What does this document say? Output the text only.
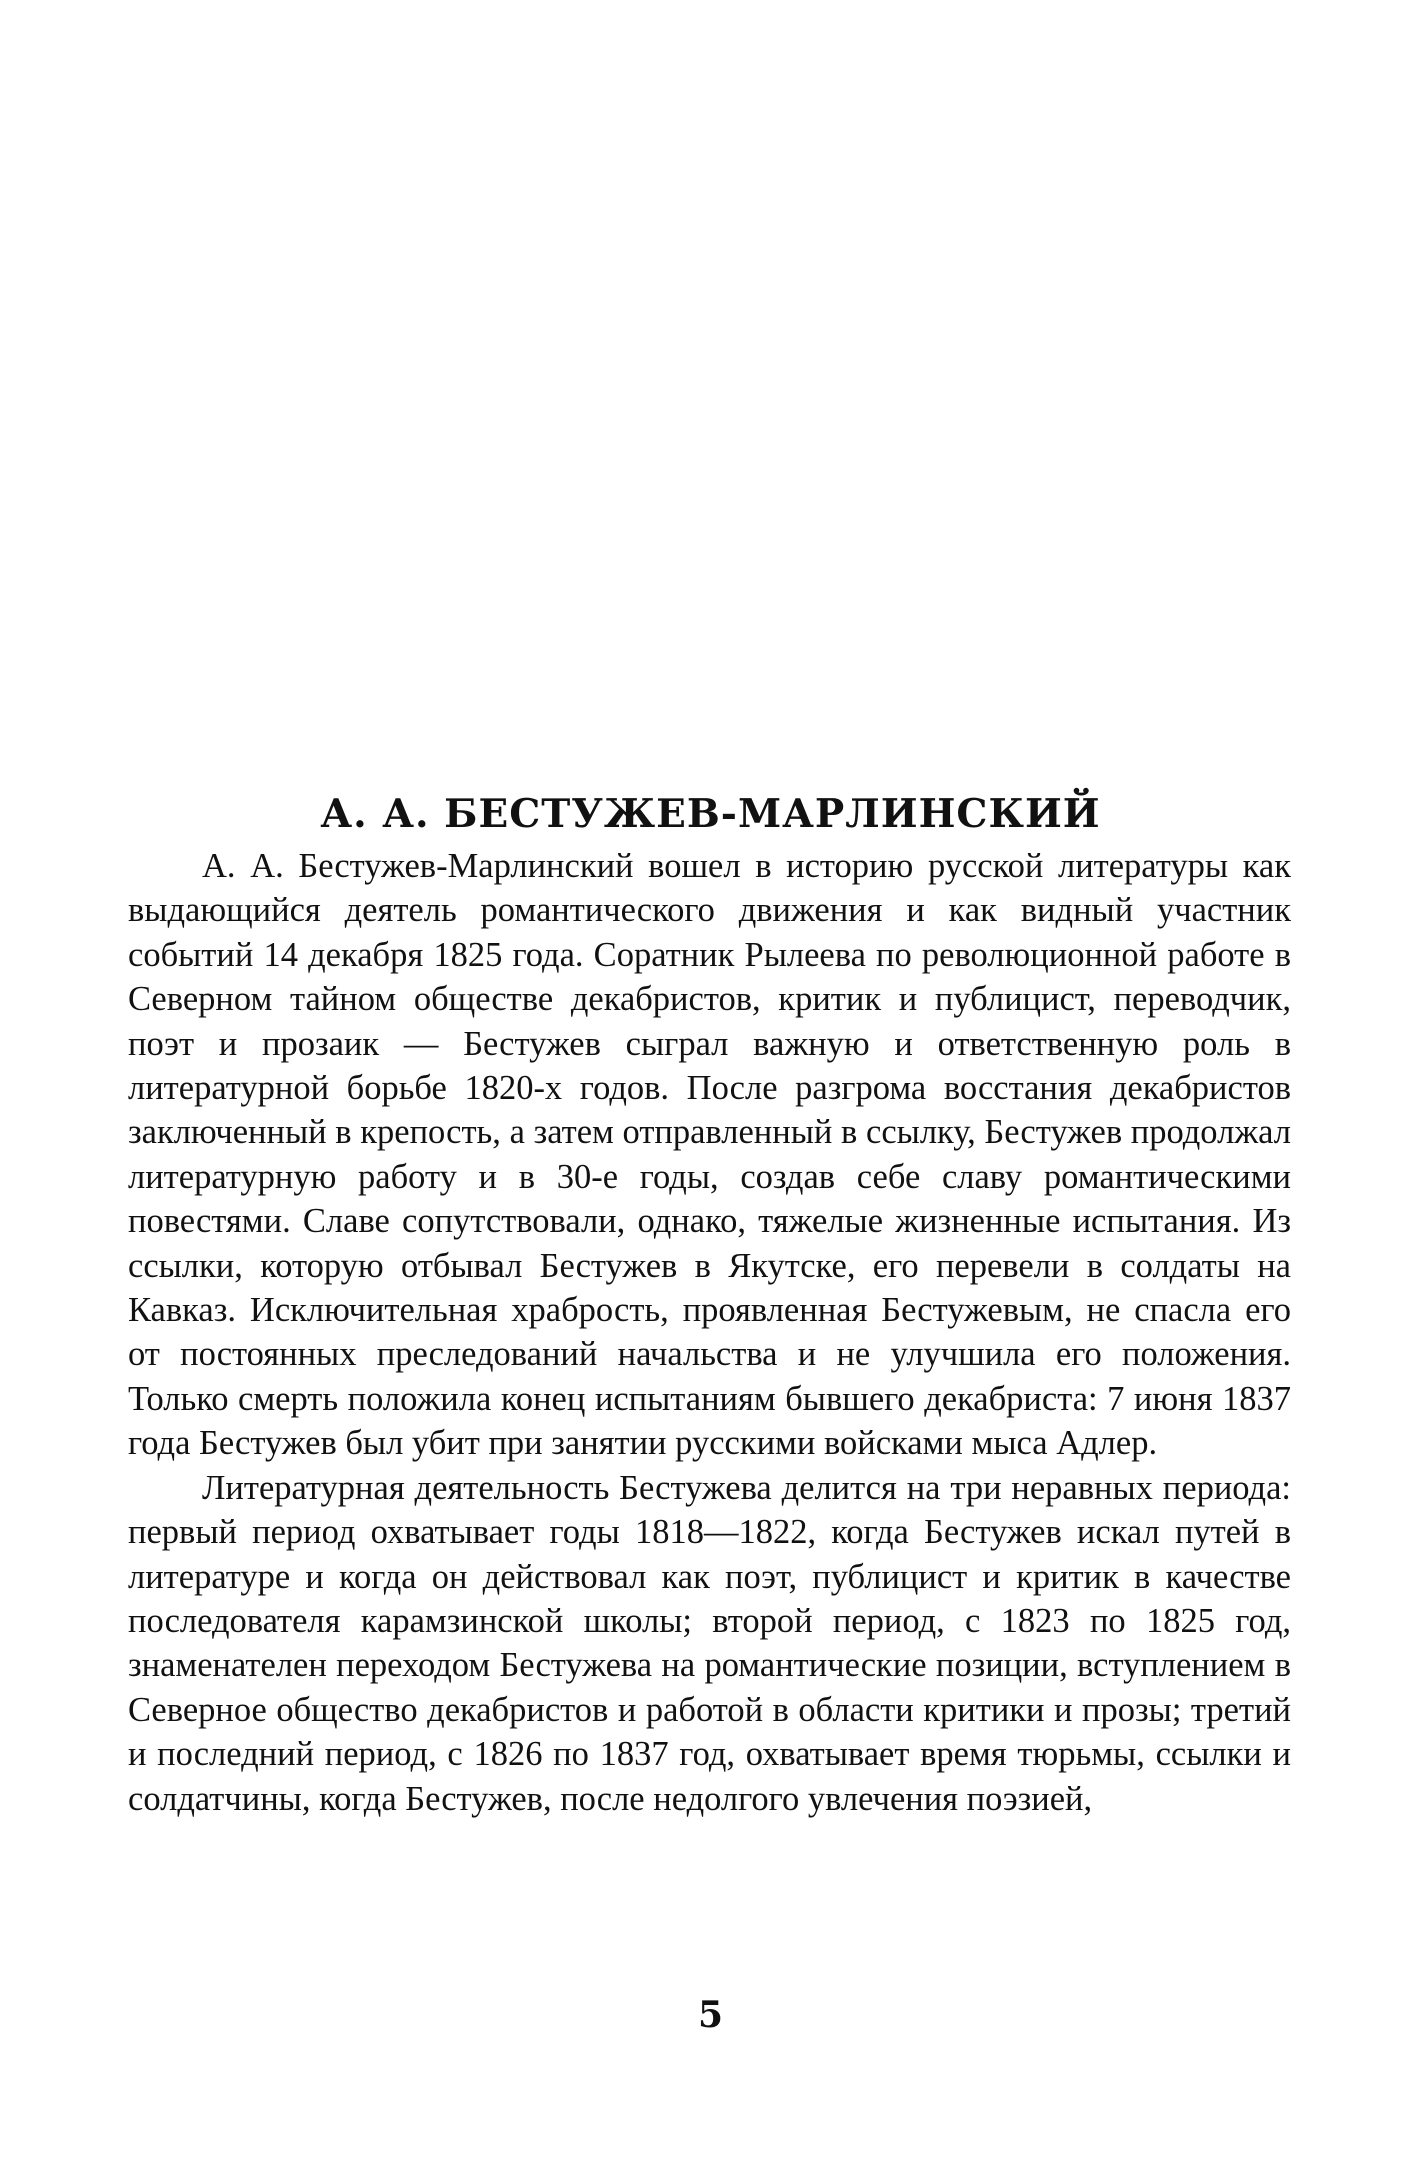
А. А. БЕСТУЖЕВ-МАРЛИНСКИЙ

А. А. Бестужев-Марлинский вошел в историю русской литературы как выдающийся деятель романтического движения и как видный участник событий 14 декабря 1825 года. Соратник Рылеева по революционной работе в Северном тайном обществе декабристов, критик и публицист, переводчик, поэт и прозаик — Бестужев сыграл важную и ответственную роль в литературной борьбе 1820-х годов. После разгрома восстания декабристов заключенный в крепость, а затем отправленный в ссылку, Бестужев продолжал литературную работу и в 30-е годы, создав себе славу романтическими повестями. Славе сопутствовали, однако, тяжелые жизненные испытания. Из ссылки, которую отбывал Бестужев в Якутске, его перевели в солдаты на Кавказ. Исключительная храбрость, проявленная Бестужевым, не спасла его от постоянных преследований начальства и не улучшила его положения. Только смерть положила конец испытаниям бывшего декабриста: 7 июня 1837 года Бестужев был убит при занятии русскими войсками мыса Адлер.

Литературная деятельность Бестужева делится на три неравных периода: первый период охватывает годы 1818—1822, когда Бестужев искал путей в литературе и когда он действовал как поэт, публицист и критик в качестве последователя карамзинской школы; второй период, с 1823 по 1825 год, знаменателен переходом Бестужева на романтические позиции, вступлением в Северное общество декабристов и работой в области критики и прозы; третий и последний период, с 1826 по 1837 год, охватывает время тюрьмы, ссылки и солдатчины, когда Бестужев, после недолгого увлечения поэзией,

5
